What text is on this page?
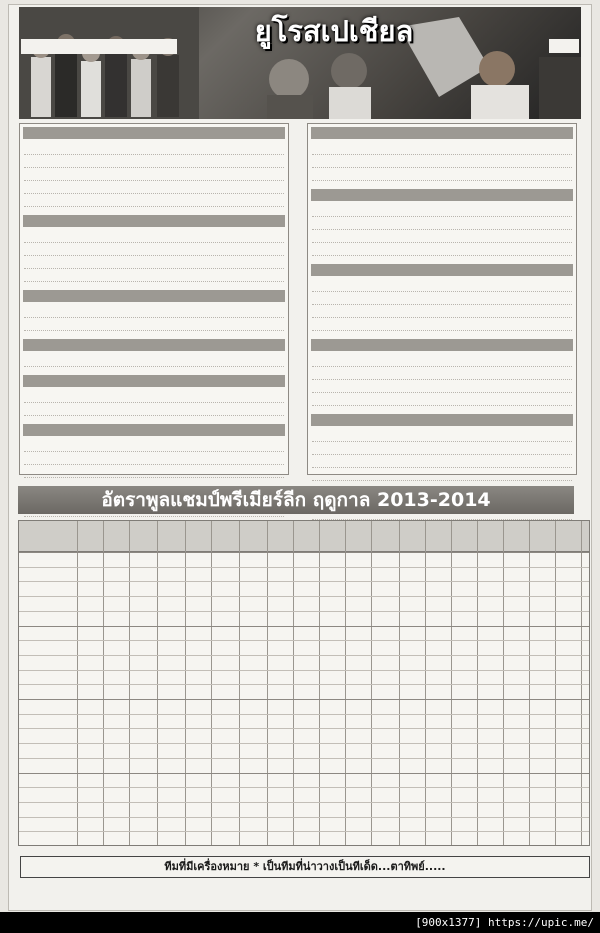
ยูโรสเปเชียล
อัตราพูลแชมป์พรีเมียร์ลีก ฤดูกาล 2013-2014
ทีมที่มีเครื่องหมาย * เป็นทีมที่น่าวางเป็นทีเด็ด...ตาทิพย์.....
[900x1377] https://upic.me/
